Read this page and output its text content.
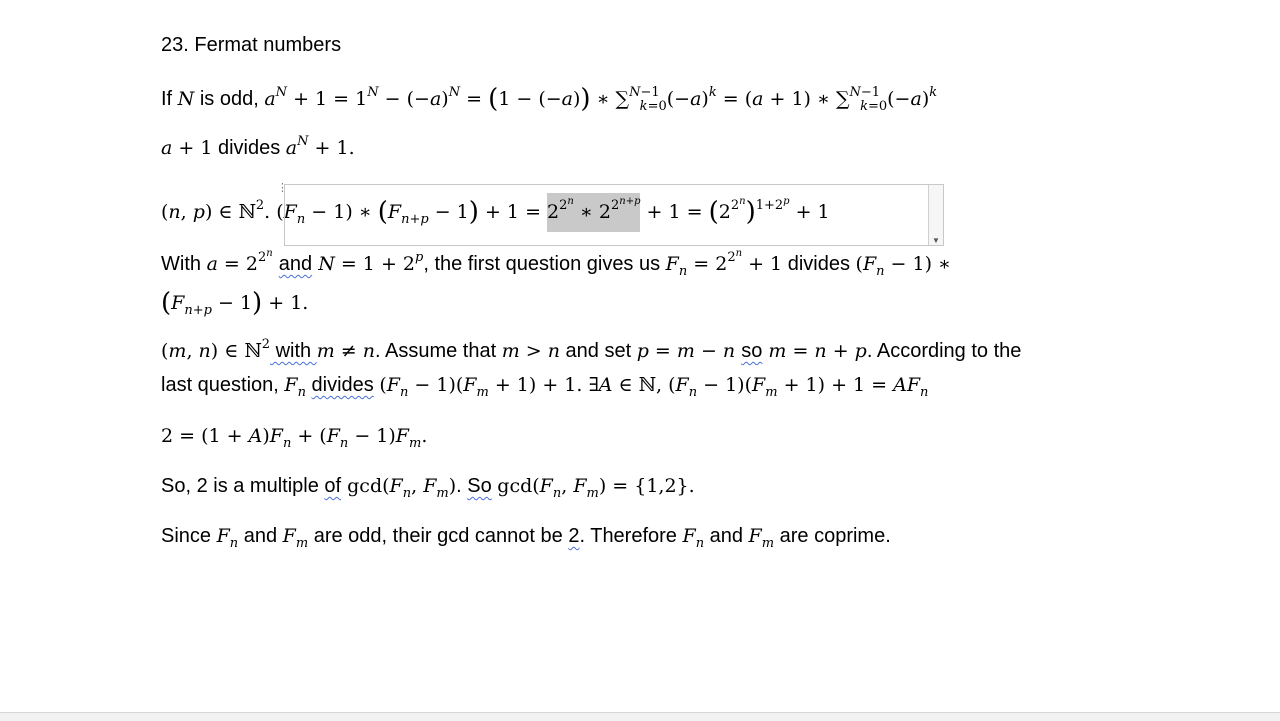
23. Fermat numbers
If N is odd, $a^N + 1 = 1^N - (-a)^N = (1 - (-a))$ ∗ $\sum^{N-1}_{k=0}(-a)^k = (a + 1)$ ∗ $\sum^{N-1}_{k=0}(-a)^k$
a + 1 divides $a^N + 1$.
(n, p) ∈ ℕ$^2$. $(F_n - 1)$ ∗ $(F_{n+p} - 1) + 1 = 2^{2^n}$ ∗ $2^{2^{n+p}} + 1 = (2^{2^n})^{1+2^p} + 1$
⋮
▼
With $a = 2^{2^n}$ and $N = 1 + 2^p$, the first question gives us $F_n = 2^{2^n} + 1$ divides $(F_n - 1)$ ∗
$(F_{n+p} - 1) + 1$.
(m, n) ∈ ℕ$^2$ with m ≠ n. Assume that m > n and set p = m − n so m = n + p. According to the
last question, $F_n$ divides $(F_n - 1)(F_m + 1) + 1$. ∃A ∈ ℕ, $(F_n - 1)(F_m + 1) + 1 = AF_n$
$2 = (1 + A)F_n + (F_n - 1)F_m$.
So, 2 is a multiple of $\gcd(F_n$, $F_m$). So $\gcd(F_n$, $F_m) = \{1,2\}$.
Since $F_n$ and $F_m$ are odd, their gcd cannot be 2. Therefore $F_n$ and $F_m$ are coprime.
